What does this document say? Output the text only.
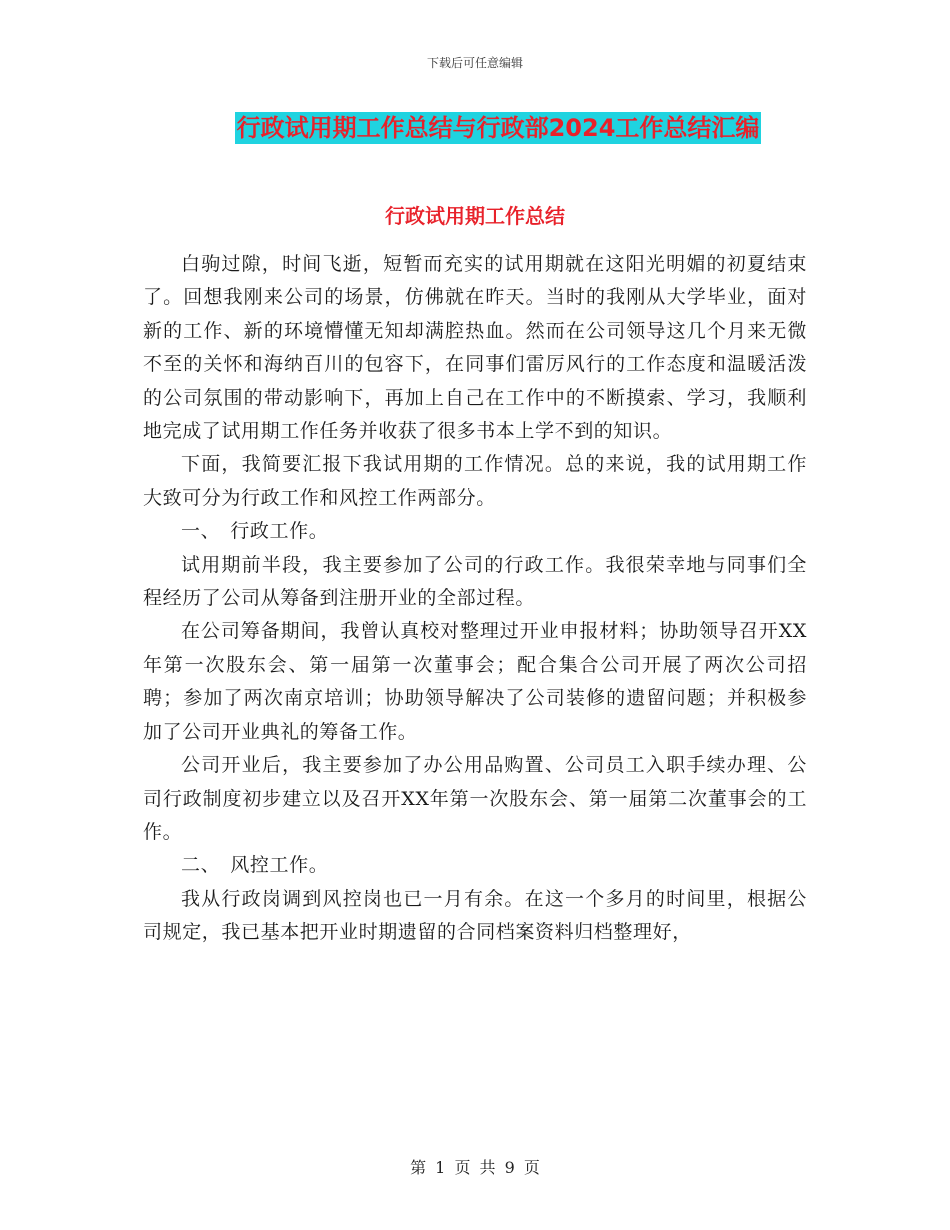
下载后可任意编辑
行政试用期工作总结与行政部2024工作总结汇编
行政试用期工作总结

白驹过隙，时间飞逝，短暂而充实的试用期就在这阳光明媚的初夏结束了。回想我刚来公司的场景，仿佛就在昨天。当时的我刚从大学毕业，面对新的工作、新的环境懵懂无知却满腔热血。然而在公司领导这几个月来无微不至的关怀和海纳百川的包容下，在同事们雷厉风行的工作态度和温暖活泼的公司氛围的带动影响下，再加上自己在工作中的不断摸索、学习，我顺利地完成了试用期工作任务并收获了很多书本上学不到的知识。

下面，我简要汇报下我试用期的工作情况。总的来说，我的试用期工作大致可分为行政工作和风控工作两部分。

一、　行政工作。

试用期前半段，我主要参加了公司的行政工作。我很荣幸地与同事们全程经历了公司从筹备到注册开业的全部过程。

在公司筹备期间，我曾认真校对整理过开业申报材料；协助领导召开XX年第一次股东会、第一届第一次董事会；配合集合公司开展了两次公司招聘；参加了两次南京培训；协助领导解决了公司装修的遗留问题；并积极参加了公司开业典礼的筹备工作。

公司开业后，我主要参加了办公用品购置、公司员工入职手续办理、公司行政制度初步建立以及召开XX年第一次股东会、第一届第二次董事会的工作。

二、　风控工作。

我从行政岗调到风控岗也已一月有余。在这一个多月的时间里，根据公司规定，我已基本把开业时期遗留的合同档案资料归档整理好，

第 1 页 共 9 页
